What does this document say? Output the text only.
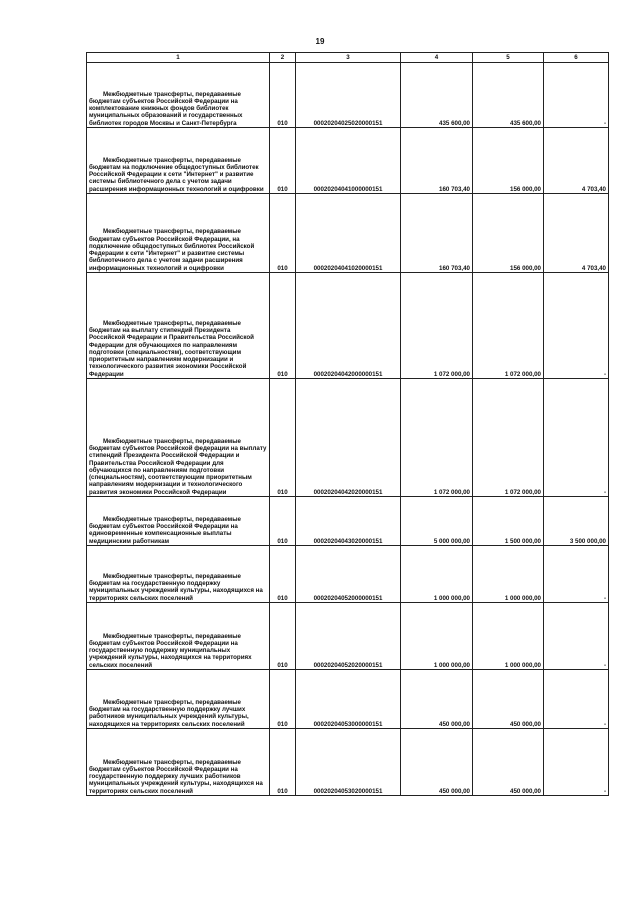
19
1	2	3	4	5	6

Межбюджетные трансферты, передаваемые бюджетам субъектов Российской Федерации на комплектование книжных фондов библиотек муниципальных образований и государственных библиотек городов Москвы и Санкт-Петербурга	010	00020204025020000151	435 600,00	435 600,00	-

Межбюджетные трансферты, передаваемые бюджетам на подключение общедоступных библиотек Российской Федерации к сети "Интернет" и развитие системы библиотечного дела с учетом задачи расширения информационных технологий и оцифровки	010	00020204041000000151	160 703,40	156 000,00	4 703,40

Межбюджетные трансферты, передаваемые бюджетам субъектов Российской Федерации, на подключение общедоступных библиотек Российской Федерации к сети "Интернет" и развитие системы библиотечного дела с учетом задачи расширения информационных технологий и оцифровки	010	00020204041020000151	160 703,40	156 000,00	4 703,40

Межбюджетные трансферты, передаваемые бюджетам на выплату стипендий Президента Российской Федерации и Правительства Российской Федерации для обучающихся по направлениям подготовки (специальностям), соответствующим приоритетным направлениям модернизации и технологического развития экономики Российской Федерации	010	00020204042000000151	1 072 000,00	1 072 000,00	-

Межбюджетные трансферты, передаваемые бюджетам субъектов Российской федерации на выплату стипендий Президента Российской Федерации и Правительства Российской Федерации для обучающихся по направлениям подготовки (специальностям), соответствующим приоритетным направлениям модернизации и технологического развития экономики Российской Федерации	010	00020204042020000151	1 072 000,00	1 072 000,00	-

Межбюджетные трансферты, передаваемые бюджетам субъектов Российской Федерации на единовременные компенсационные выплаты медицинским работникам	010	00020204043020000151	5 000 000,00	1 500 000,00	3 500 000,00

Межбюджетные трансферты, передаваемые бюджетам на государственную поддержку муниципальных учреждений культуры, находящихся на территориях сельских поселений	010	00020204052000000151	1 000 000,00	1 000 000,00	-

Межбюджетные трансферты, передаваемые бюджетам субъектов Российской Федерации на государственную поддержку муниципальных учреждений культуры, находящихся на территориях сельских поселений	010	00020204052020000151	1 000 000,00	1 000 000,00	-

Межбюджетные трансферты, передаваемые бюджетам на государственную поддержку лучших работников муниципальных учреждений культуры, находящихся на территориях сельских поселений	010	00020204053000000151	450 000,00	450 000,00	-

Межбюджетные трансферты, передаваемые бюджетам субъектов Российской Федерации на государственную поддержку лучших работников муниципальных учреждений культуры, находящихся на территориях сельских поселений	010	00020204053020000151	450 000,00	450 000,00	-
